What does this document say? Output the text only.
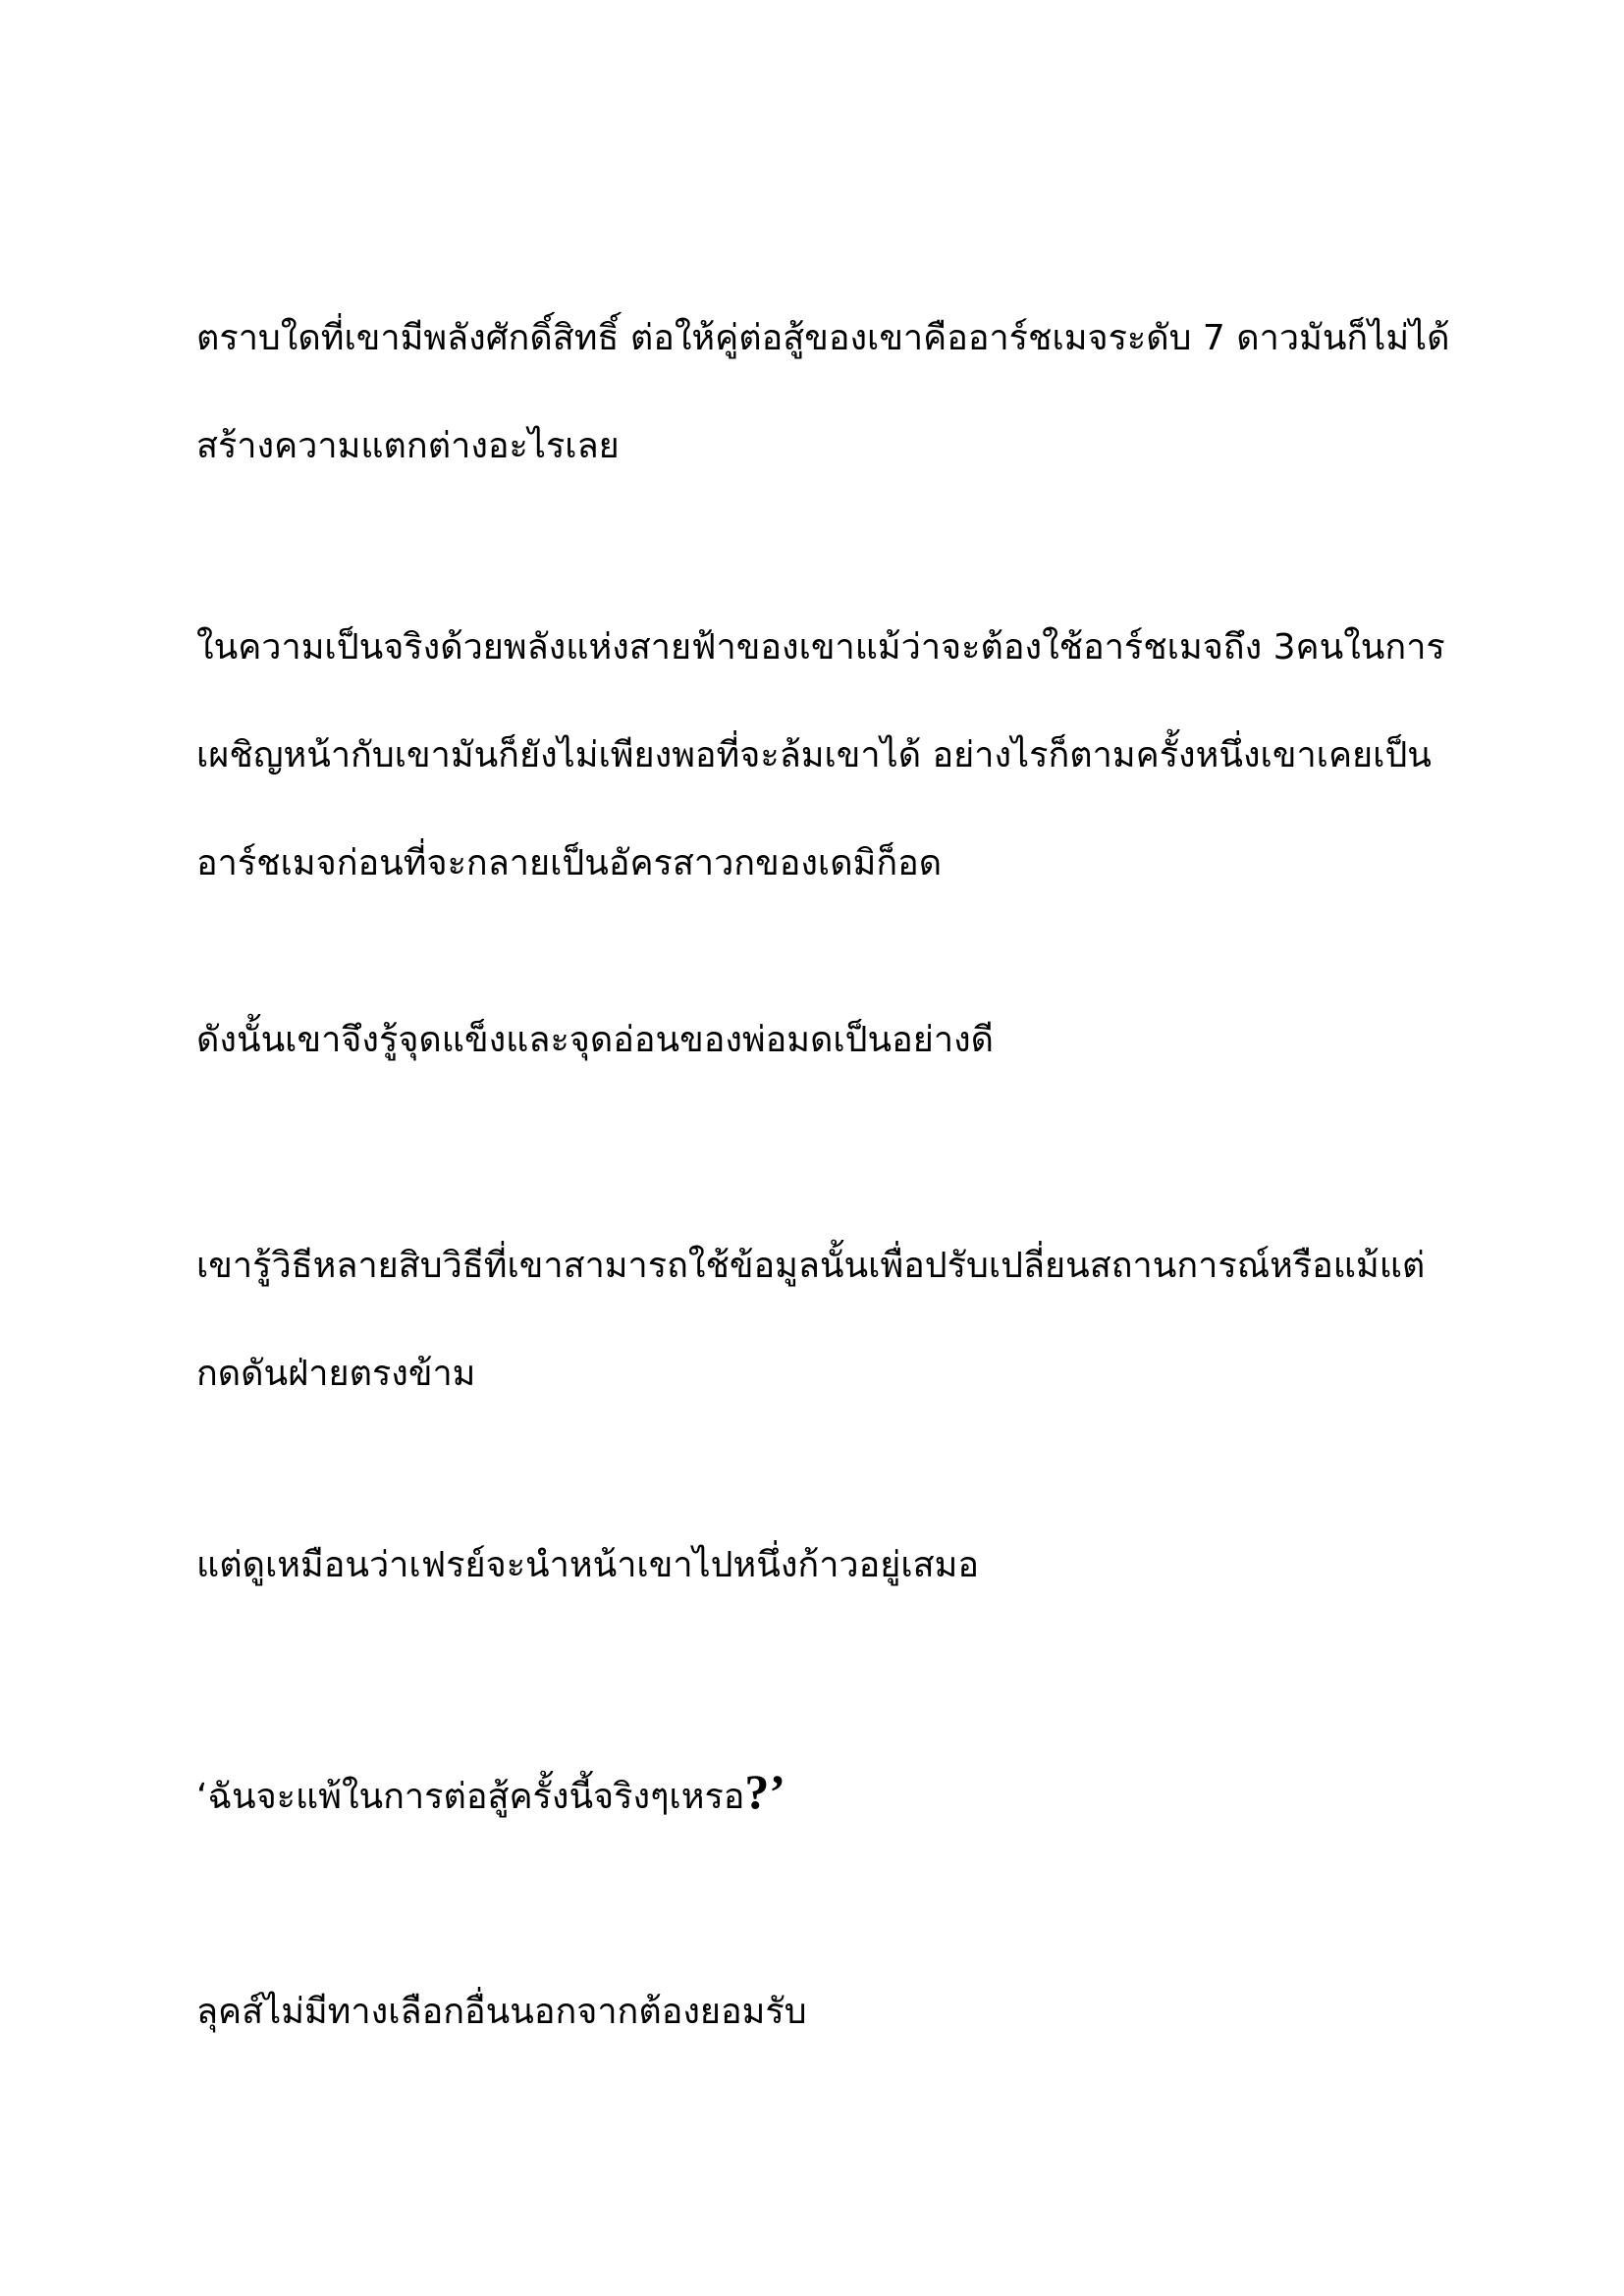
ตราบใดที่เขามีพลังศักดิ์สิทธิ์ ต่อให้คู่ต่อสู้ของเขาคืออาร์ชเมจระดับ 7 ดาวมันก็ไม่ได้
สร้างความแตกต่างอะไรเลย

ในความเป็นจริงด้วยพลังแห่งสายฟ้าของเขาแม้ว่าจะต้องใช้อาร์ชเมจถึง 3คนในการ
เผชิญหน้ากับเขามันก็ยังไม่เพียงพอที่จะล้มเขาได้ อย่างไรก็ตามครั้งหนึ่งเขาเคยเป็น
อาร์ชเมจก่อนที่จะกลายเป็นอัครสาวกของเดมิก็อด

ดังนั้นเขาจึงรู้จุดแข็งและจุดอ่อนของพ่อมดเป็นอย่างดี

เขารู้วิธีหลายสิบวิธีที่เขาสามารถใช้ข้อมูลนั้นเพื่อปรับเปลี่ยนสถานการณ์หรือแม้แต่
กดดันฝ่ายตรงข้าม

แต่ดูเหมือนว่าเฟรย์จะนำหน้าเขาไปหนึ่งก้าวอยู่เสมอ

‘ฉันจะแพ้ในการต่อสู้ครั้งนี้จริงๆเหรอ?’

ลุคส์ไม่มีทางเลือกอื่นนอกจากต้องยอมรับ
